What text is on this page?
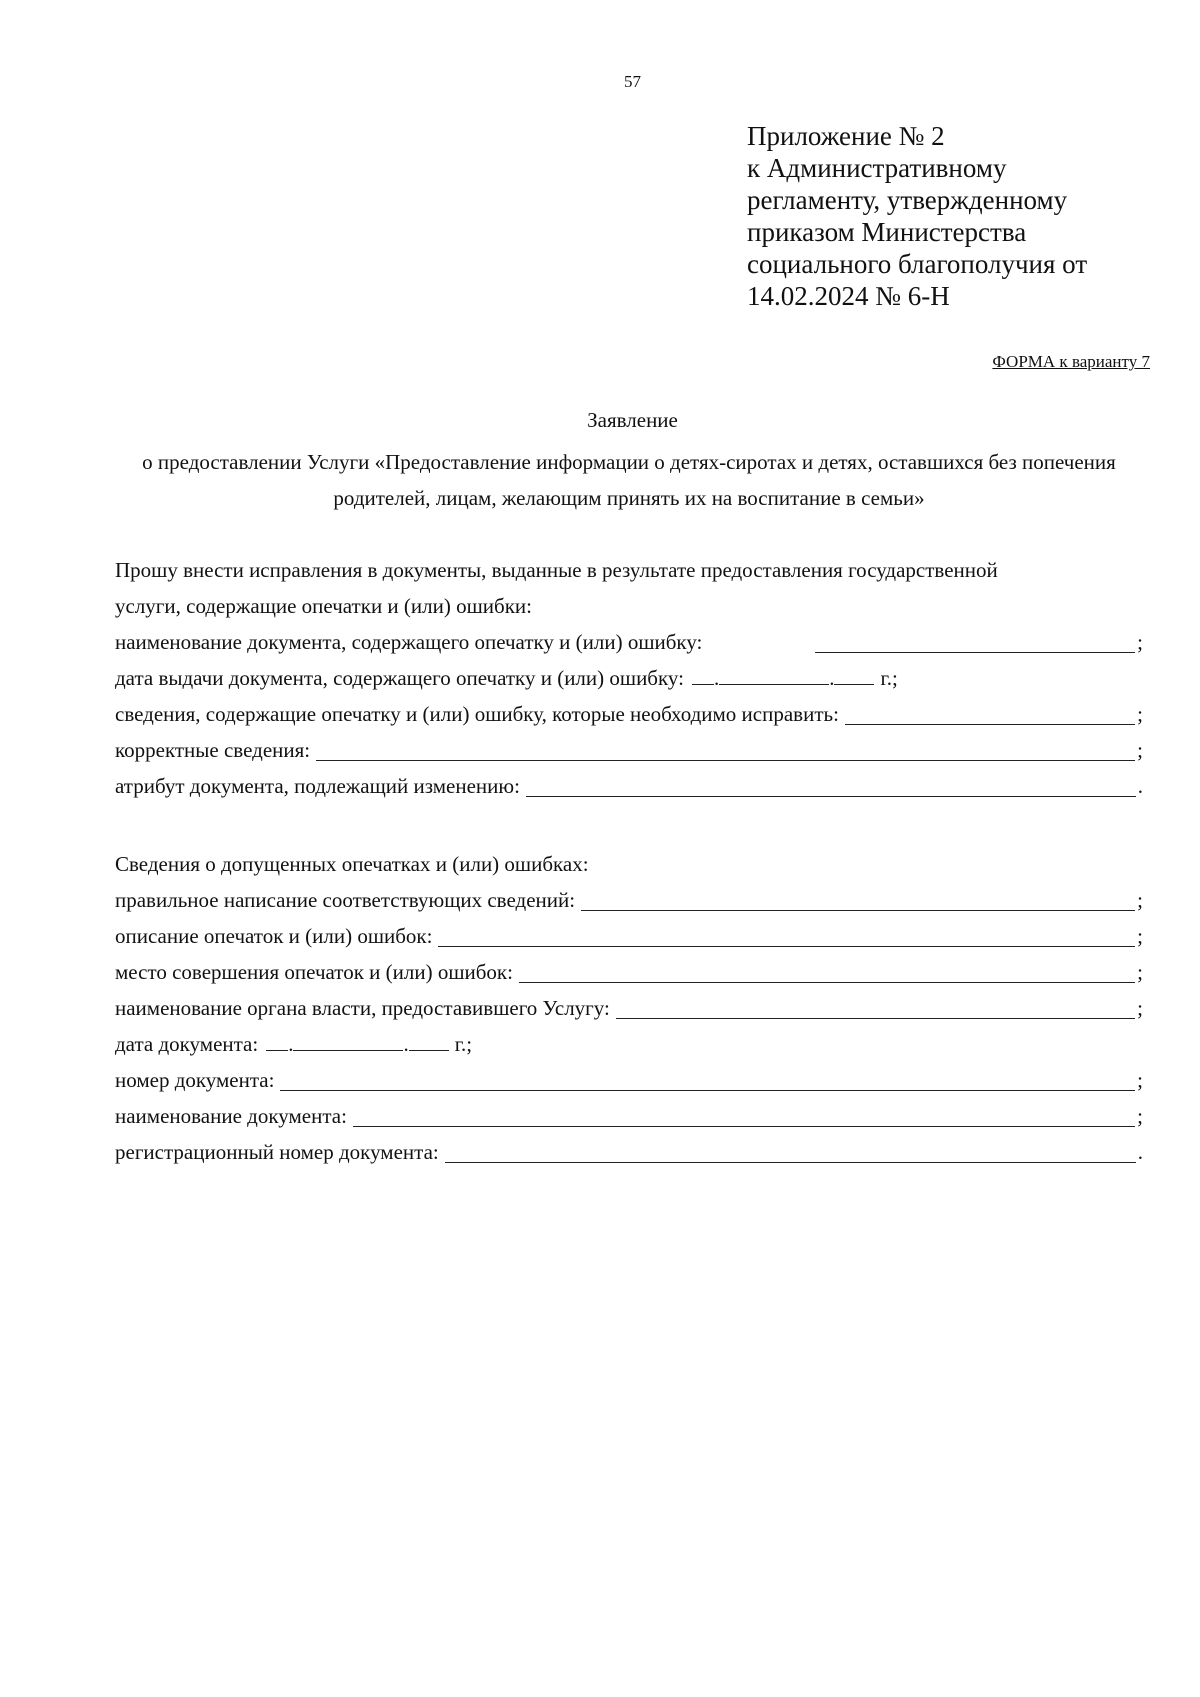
57
Приложение № 2
к Административному
регламенту, утвержденному
приказом Министерства
социального благополучия от
14.02.2024 № 6-Н
ФОРМА к варианту 7
Заявление
о предоставлении Услуги «Предоставление информации о детях-сиротах и детях, оставшихся без попечения родителей, лицам, желающим принять их на воспитание в семьи»
Прошу внести исправления в документы, выданные в результате предоставления государственной
услуги, содержащие опечатки и (или) ошибки:
наименование документа, содержащего опечатку и (или) ошибку:	;
дата выдачи документа, содержащего опечатку и (или) ошибку: .	. г.;
сведения, содержащие опечатку и (или) ошибку, которые необходимо исправить:	;
корректные сведения:	;
атрибут документа, подлежащий изменению:	.
Сведения о допущенных опечатках и (или) ошибках:
правильное написание соответствующих сведений:	;
описание опечаток и (или) ошибок:	;
место совершения опечаток и (или) ошибок:	;
наименование органа власти, предоставившего Услугу:	;
дата документа: .	. г.;
номер документа:	;
наименование документа:	;
регистрационный номер документа:	.
